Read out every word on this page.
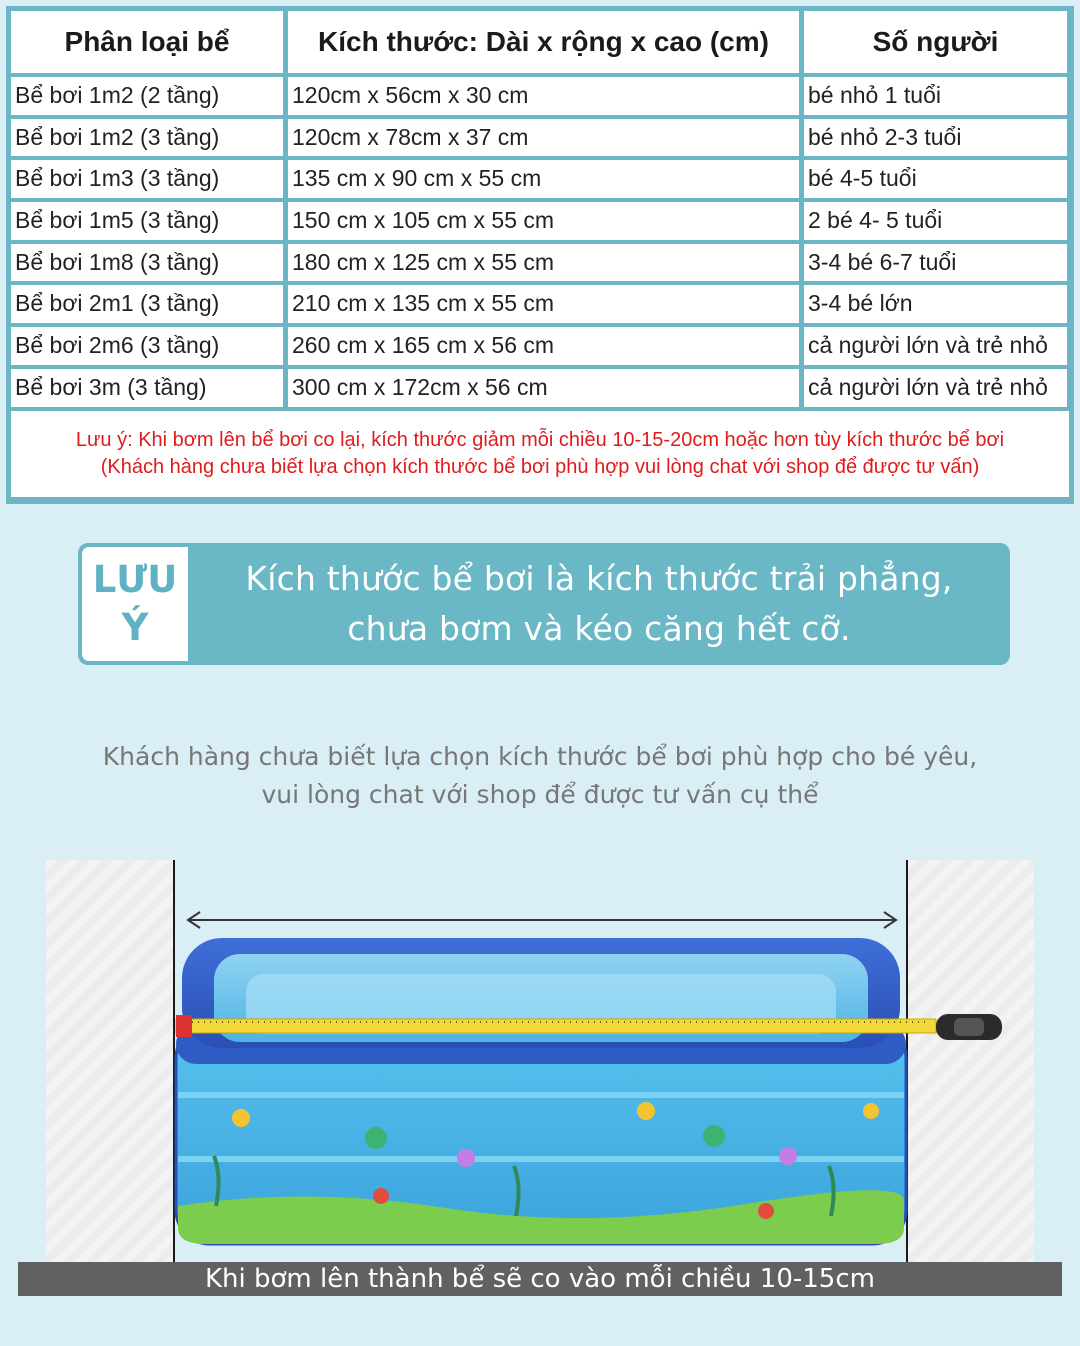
Phân loại bể	Kích thước: Dài x rộng x cao (cm)	Số người
Bể bơi 1m2 (2 tầng)	120cm x 56cm x 30 cm	bé nhỏ 1 tuổi
Bể bơi 1m2 (3 tầng)	120cm x 78cm x 37 cm	bé nhỏ 2-3 tuổi
Bể bơi 1m3 (3 tầng)	135 cm x 90 cm x 55 cm	bé 4-5 tuổi
Bể bơi 1m5 (3 tầng)	150 cm x 105 cm x 55 cm	2 bé 4- 5 tuổi
Bể bơi 1m8 (3 tầng)	180 cm x 125 cm x 55 cm	3-4 bé 6-7 tuổi
Bể bơi 2m1 (3 tầng)	210 cm x 135 cm x 55 cm	3-4 bé lớn
Bể bơi 2m6 (3 tầng)	260 cm x 165 cm x 56 cm	cả người lớn và trẻ nhỏ
Bể bơi 3m (3 tầng)	300 cm x 172cm x 56 cm	cả người lớn và trẻ nhỏ
Lưu ý: Khi bơm lên bể bơi co lại, kích thước giảm mỗi chiều 10-15-20cm hoặc hơn tùy kích thước bể bơi
(Khách hàng chưa biết lựa chọn kích thước bể bơi phù hợp vui lòng chat với shop để được tư vấn)
LƯU
Ý
Kích thước bể bơi là kích thước trải phẳng,
chưa bơm và kéo căng hết cỡ.
Khách hàng chưa biết lựa chọn kích thước bể bơi phù hợp cho bé yêu,
vui lòng chat với shop để được tư vấn cụ thể
Khi bơm lên thành bể sẽ co vào mỗi chiều 10-15cm
